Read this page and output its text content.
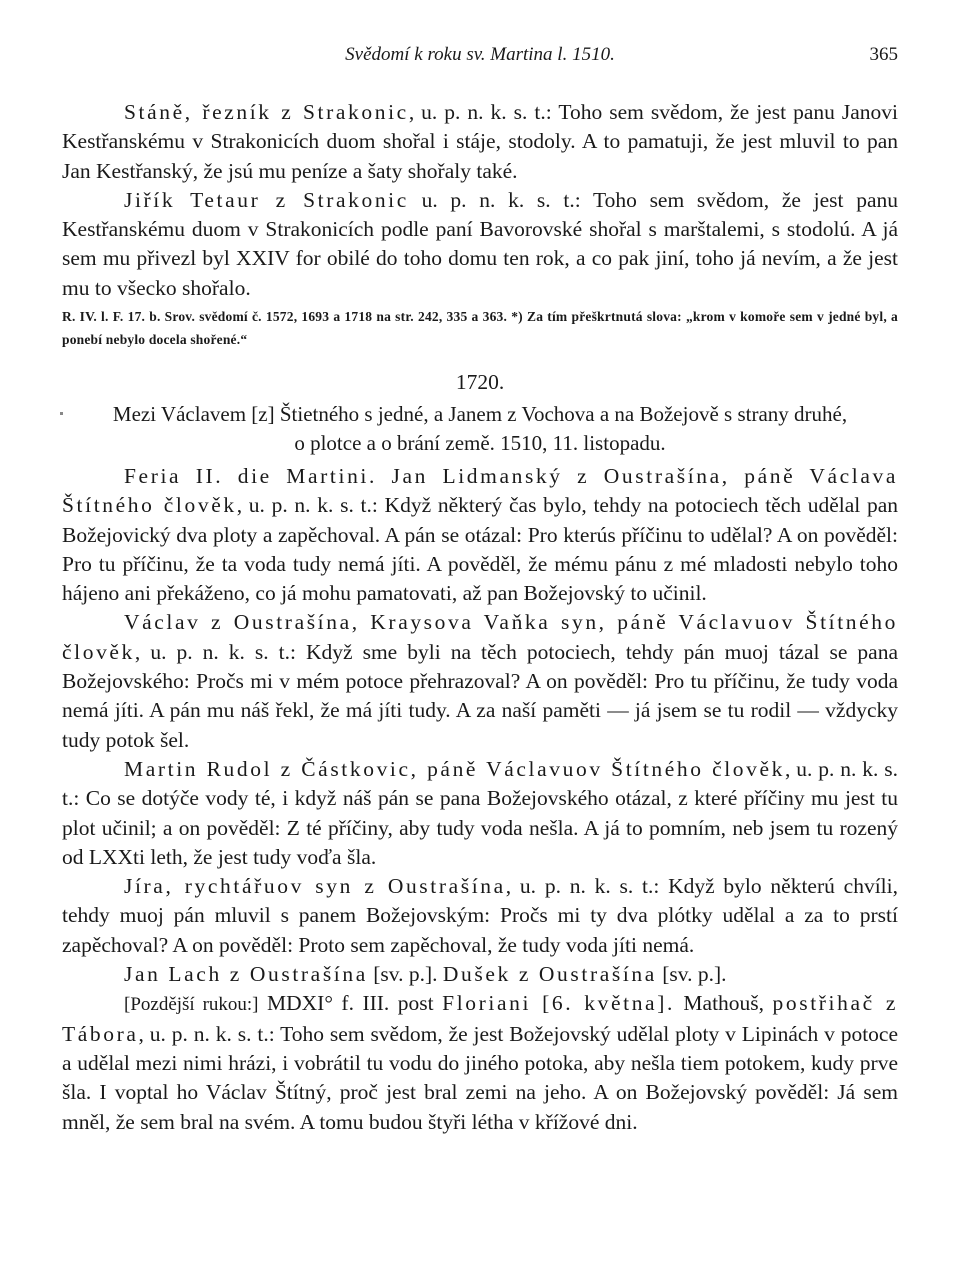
Svědomí k roku sv. Martina l. 1510.	365

Stáně, řezník z Strakonic, u. p. n. k. s. t.: Toho sem svědom, že jest panu Janovi Kestřanskému v Strakonicích duom shořal i stáje, stodoly. A to pamatuji, že jest mluvil to pan Jan Kestřanský, že jsú mu peníze a šaty shořaly také.

Jiřík Tetaur z Strakonic u. p. n. k. s. t.: Toho sem svědom, že jest panu Kestřanskému duom v Strakonicích podle paní Bavorovské shořal s marštalemi, s stodolú. A já sem mu přivezl byl XXIV for obilé do toho domu ten rok, a co pak jiní, toho já nevím, a že jest mu to všecko shořalo.

R. IV. l. F. 17. b. Srov. svědomí č. 1572, 1693 a 1718 na str. 242, 335 a 363. *) Za tím přeškrtnutá slova: „krom v komoře sem v jedné byl, a ponebí nebylo docela shořené.“

1720.
Mezi Václavem [z] Štietného s jedné, a Janem z Vochova a na Božejově s strany druhé,
o plotce a o brání země. 1510, 11. listopadu.

Feria II. die Martini. Jan Lidmanský z Oustrašína, páně Václava Štítného člověk, u. p. n. k. s. t.: Když některý čas bylo, tehdy na potociech těch udělal pan Božejovický dva ploty a zapěchoval. A pán se otázal: Pro kterús příčinu to udělal? A on pověděl: Pro tu příčinu, že ta voda tudy nemá jíti. A pověděl, že mému pánu z mé mladosti nebylo toho hájeno ani překáženo, co já mohu pamatovati, až pan Božejovský to učinil.

Václav z Oustrašína, Kraysova Vaňka syn, páně Václavuov Štítného člověk, u. p. n. k. s. t.: Když sme byli na těch potociech, tehdy pán muoj tázal se pana Božejovského: Pročs mi v mém potoce přehrazoval? A on pověděl: Pro tu příčinu, že tudy voda nemá jíti. A pán mu náš řekl, že má jíti tudy. A za naší paměti — já jsem se tu rodil — vždycky tudy potok šel.

Martin Rudol z Částkovic, páně Václavuov Štítného člověk, u. p. n. k. s. t.: Co se dotýče vody té, i když náš pán se pana Božejovského otázal, z které příčiny mu jest tu plot učinil; a on pověděl: Z té příčiny, aby tudy voda nešla. A já to pomním, neb jsem tu rozený od LXXti leth, že jest tudy voďa šla.

Jíra, rychtářuov syn z Oustrašína, u. p. n. k. s. t.: Když bylo některú chvíli, tehdy muoj pán mluvil s panem Božejovským: Pročs mi ty dva plótky udělal a za to prstí zapěchoval? A on pověděl: Proto sem zapěchoval, že tudy voda jíti nemá.

Jan Lach z Oustrašína [sv. p.]. Dušek z Oustrašína [sv. p.].

[Pozdější rukou:] MDXI° f. III. post Floriani [6. května]. Mathouš, postřihač z Tábora, u. p. n. k. s. t.: Toho sem svědom, že jest Božejovský udělal ploty v Lipinách v potoce a udělal mezi nimi hrázi, i vobrátil tu vodu do jiného potoka, aby nešla tiem potokem, kudy prve šla. I voptal ho Václav Štítný, proč jest bral zemi na jeho. A on Božejovský pověděl: Já sem mněl, že sem bral na svém. A tomu budou štyři létha v křížové dni.
